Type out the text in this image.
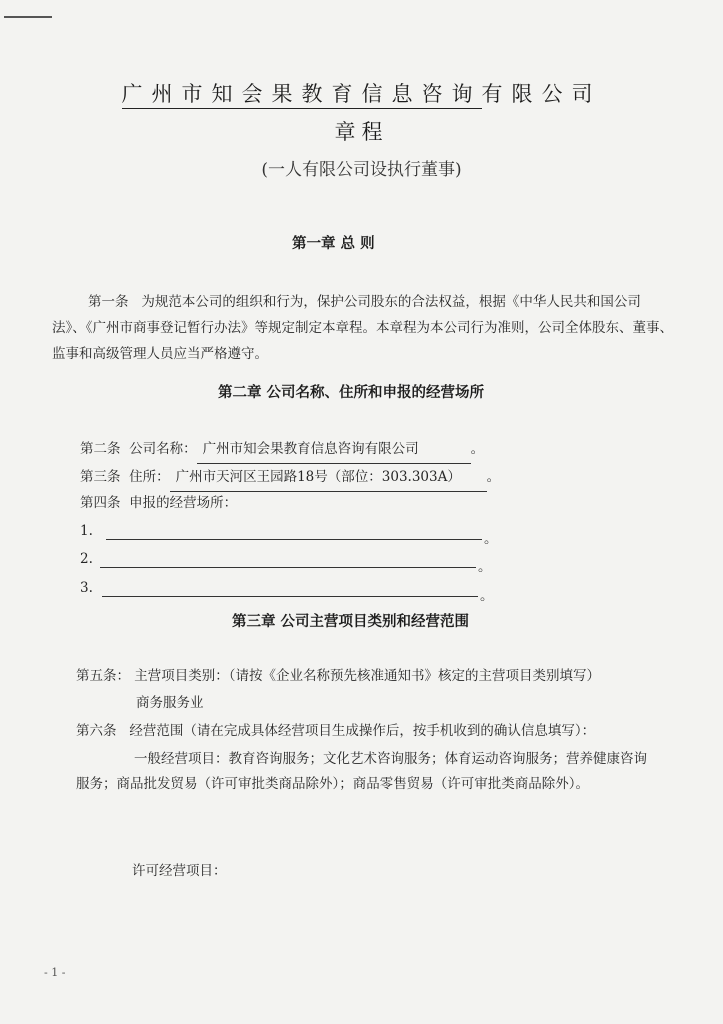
广州市知会果教育信息咨询有限公司
章程
(一人有限公司设执行董事)
第一章 总 则
第一条 为规范本公司的组织和行为，保护公司股东的合法权益，根据《中华人民共和国公司法》、《广州市商事登记暂行办法》等规定制定本章程。本章程为本公司行为准则，公司全体股东、董事、监事和高级管理人员应当严格遵守。
第二章 公司名称、住所和申报的经营场所
第二条 公司名称： 广州市知会果教育信息咨询有限公司	。
第三条 住所： 广州市天河区王园路18号（部位：303.303A） 。
第四条 申报的经营场所：
1.	。
2.	。
3.	。
第三章 公司主营项目类别和经营范围
第五条： 主营项目类别：（请按《企业名称预先核准通知书》核定的主营项目类别填写）
商务服务业
第六条 经营范围（请在完成具体经营项目生成操作后，按手机收到的确认信息填写）：
一般经营项目：教育咨询服务；文化艺术咨询服务；体育运动咨询服务；营养健康咨询
服务；商品批发贸易（许可审批类商品除外）；商品零售贸易（许可审批类商品除外）。
许可经营项目：
- 1 -
